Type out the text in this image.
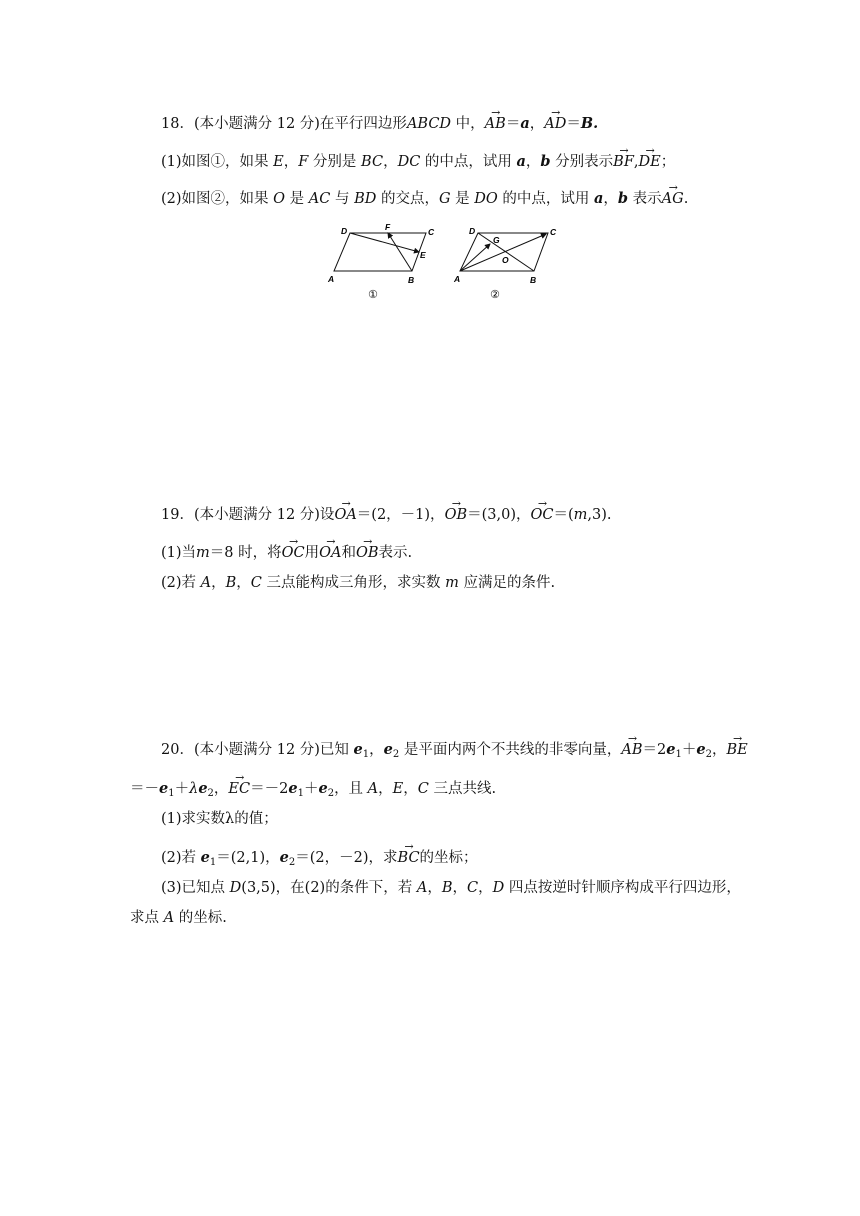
18．(本小题满分 12 分)在平行四边形ABCD 中，→ AB＝a，→ AD＝B.
(1)如图①，如果 E，F 分别是 BC，DC 的中点，试用 a，b 分别表示→ BF,→ DE；
(2)如图②，如果 O 是 AC 与 BD 的交点，G 是 DO 的中点，试用 a，b 表示→ AG.
D	C
A	B
F
E
①
D	C
A	B
G
O
②
19．(本小题满分 12 分)设→ OA＝(2，－1)，→ OB＝(3,0)，→ OC＝(m,3).
(1)当m＝8 时，将→ OC用→ OA和→ OB表示.
(2)若 A，B，C 三点能构成三角形，求实数 m 应满足的条件.
20．(本小题满分 12 分)已知 $e_1$，$e_2$ 是平面内两个不共线的非零向量，→ $AB=2e_1+e_2$，→ BE
$=-e_1+\lambda e_2$，→ $EC=-2e_1+e_2$，且 A，E，C 三点共线.
(1)求实数λ的值；
(2)若 $e_1=(2,1)$，$e_2=(2$，－2)，求→ BC的坐标；
(3)已知点 D(3,5)，在(2)的条件下，若 A，B，C，D 四点按逆时针顺序构成平行四边形，
求点 A 的坐标.
